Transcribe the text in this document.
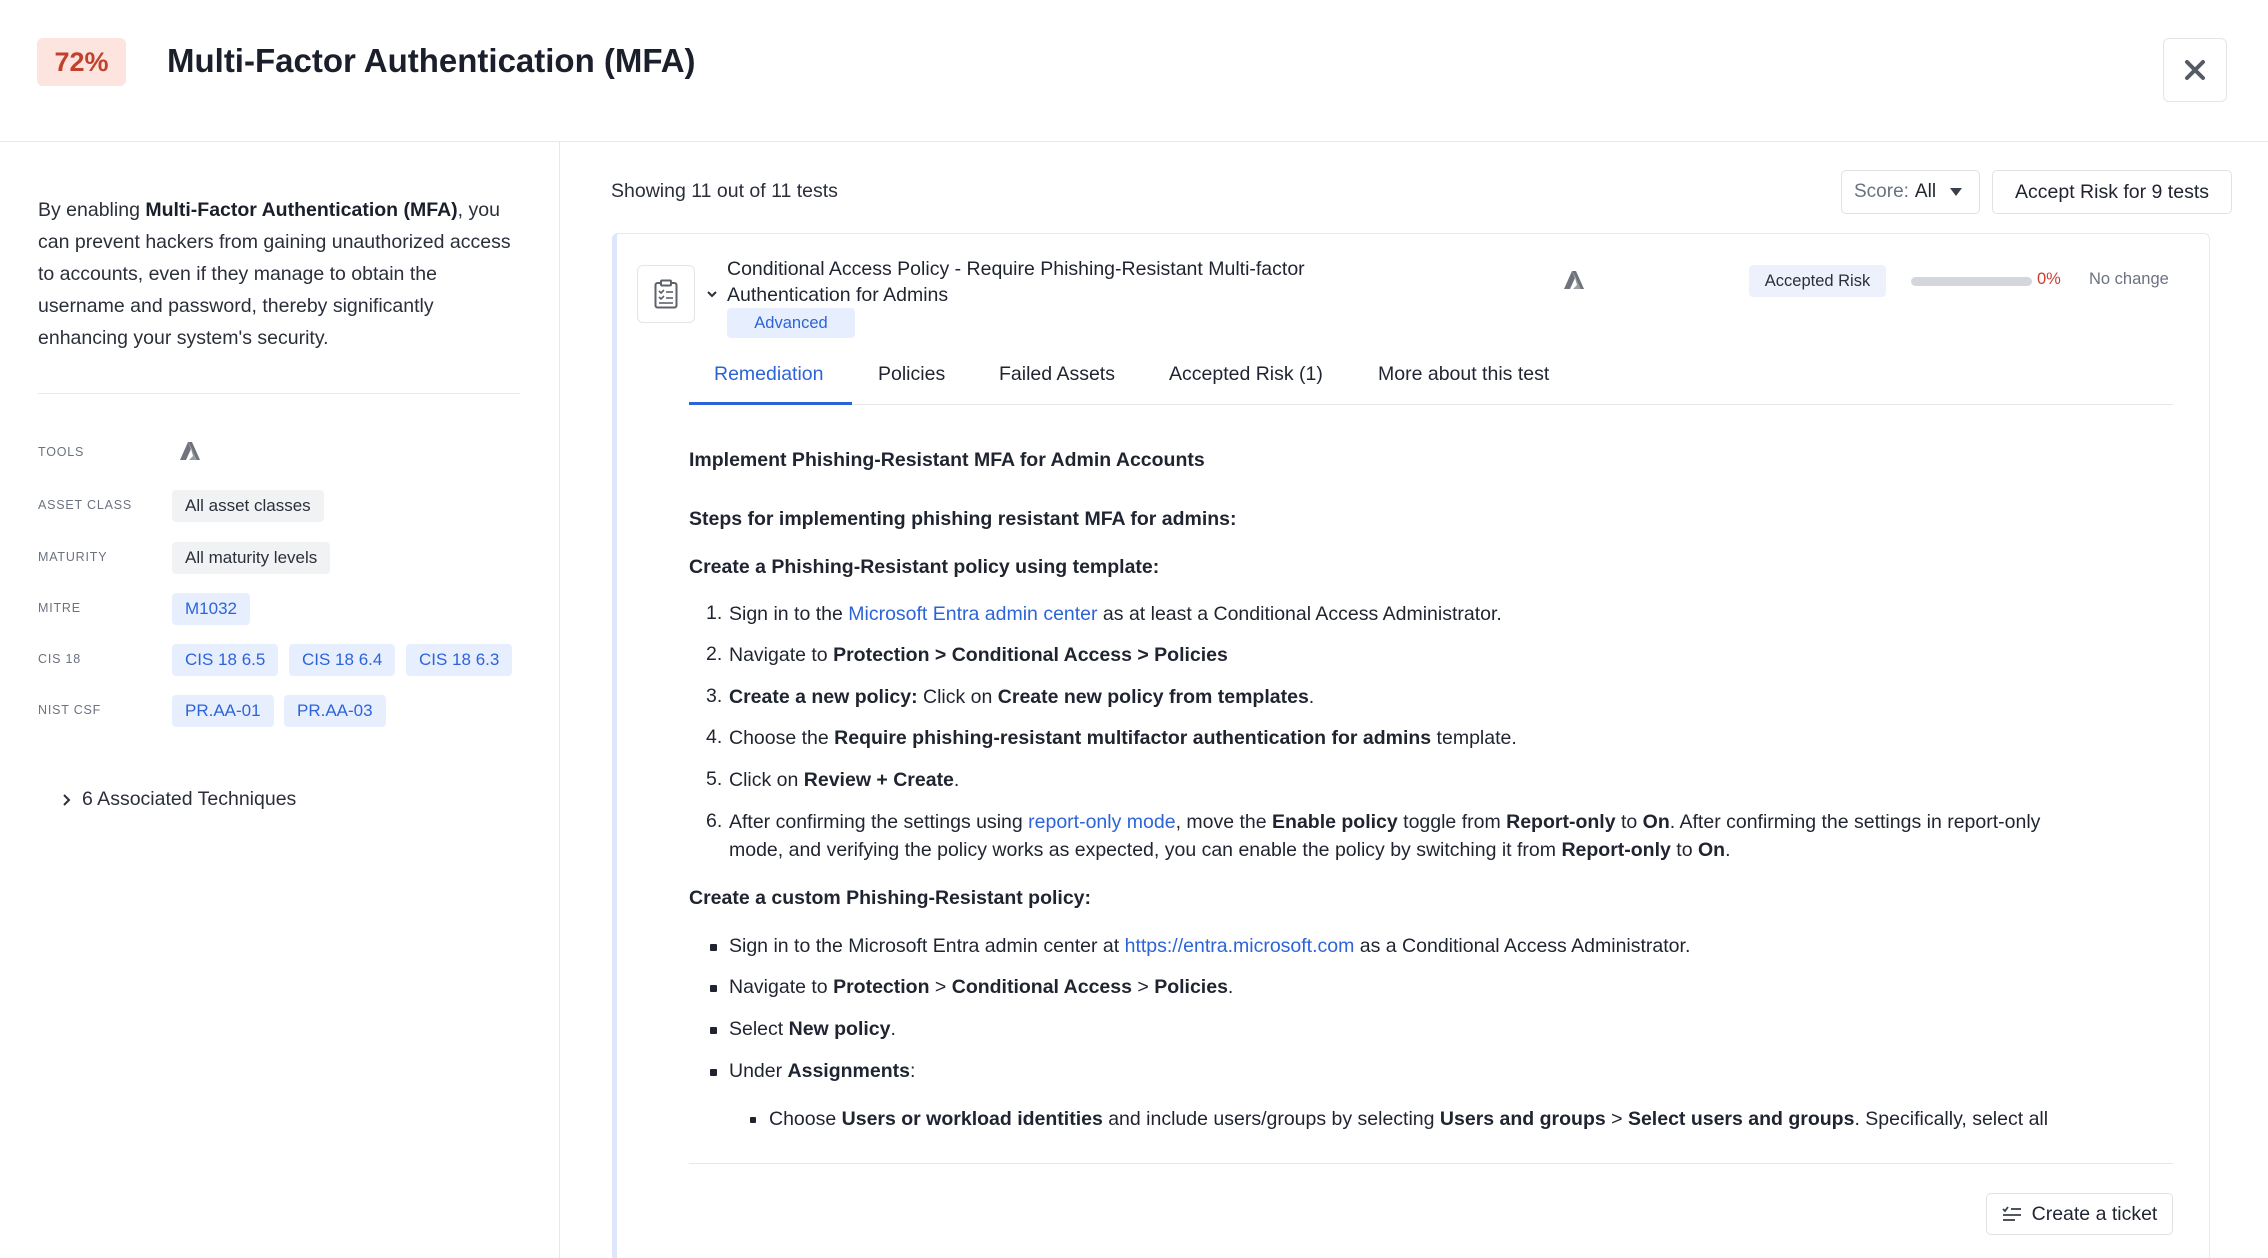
72%	Multi-Factor Authentication (MFA)
By enabling Multi-Factor Authentication (MFA), you can prevent hackers from gaining unauthorized access to accounts, even if they manage to obtain the username and password, thereby significantly enhancing your system's security.
TOOLS
ASSET CLASS	All asset classes
MATURITY	All maturity levels
MITRE	M1032
CIS 18	CIS 18 6.5	CIS 18 6.4	CIS 18 6.3
NIST CSF	PR.AA-01	PR.AA-03
6 Associated Techniques
Showing 11 out of 11 tests	Score: All	Accept Risk for 9 tests
Conditional Access Policy - Require Phishing-Resistant Multi-factor Authentication for Admins
Advanced
Accepted Risk	0% No change
Remediation	Policies	Failed Assets	Accepted Risk (1)	More about this test
Implement Phishing-Resistant MFA for Admin Accounts
Steps for implementing phishing resistant MFA for admins:
Create a Phishing-Resistant policy using template:
1. Sign in to the Microsoft Entra admin center as at least a Conditional Access Administrator.
2. Navigate to Protection > Conditional Access > Policies
3. Create a new policy: Click on Create new policy from templates.
4. Choose the Require phishing-resistant multifactor authentication for admins template.
5. Click on Review + Create.
6. After confirming the settings using report-only mode, move the Enable policy toggle from Report-only to On. After confirming the settings in report-only
mode, and verifying the policy works as expected, you can enable the policy by switching it from Report-only to On.
Create a custom Phishing-Resistant policy:
Sign in to the Microsoft Entra admin center at https://entra.microsoft.com as a Conditional Access Administrator.
Navigate to Protection > Conditional Access > Policies.
Select New policy.
Under Assignments:
Choose Users or workload identities and include users/groups by selecting Users and groups > Select users and groups. Specifically, select all
Create a ticket
